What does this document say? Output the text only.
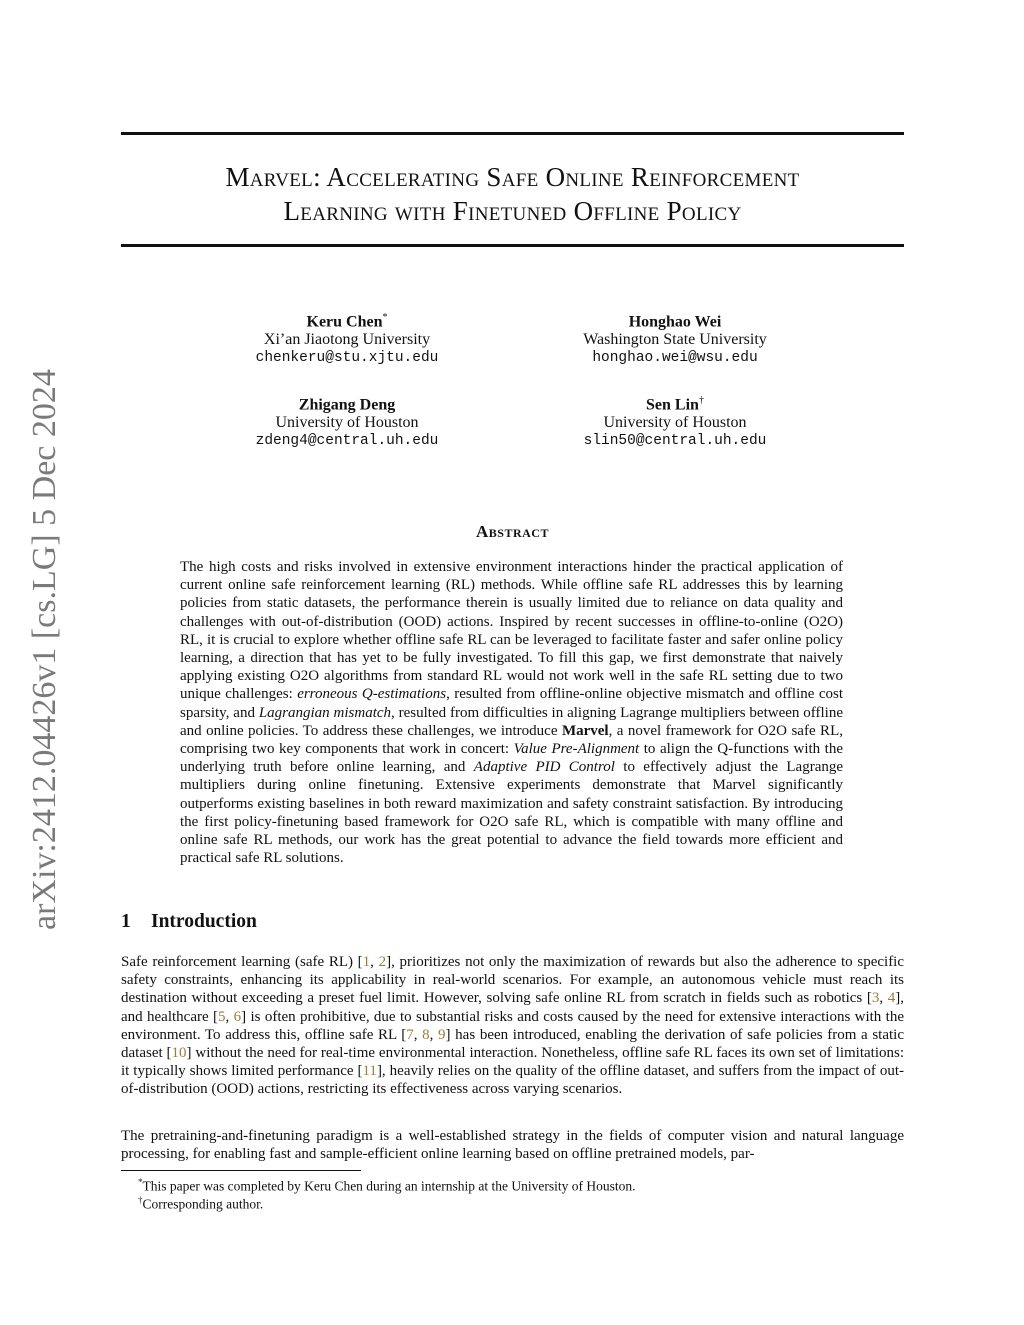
arXiv:2412.04426v1 [cs.LG] 5 Dec 2024
Marvel: Accelerating Safe Online Reinforcement
Learning with Finetuned Offline Policy
Keru Chen*
Xi’an Jiaotong University
chenkeru@stu.xjtu.edu
Honghao Wei
Washington State University
honghao.wei@wsu.edu
Zhigang Deng
University of Houston
zdeng4@central.uh.edu
Sen Lin†
University of Houston
slin50@central.uh.edu
Abstract
The high costs and risks involved in extensive environment interactions hinder the practical application of current online safe reinforcement learning (RL) methods. While offline safe RL addresses this by learning policies from static datasets, the performance therein is usually limited due to reliance on data quality and challenges with out-of-distribution (OOD) actions. Inspired by recent successes in offline-to-online (O2O) RL, it is crucial to explore whether offline safe RL can be leveraged to facilitate faster and safer online policy learning, a direction that has yet to be fully investigated. To fill this gap, we first demonstrate that naively applying existing O2O algorithms from standard RL would not work well in the safe RL setting due to two unique challenges: erroneous Q-estimations, resulted from offline-online objective mismatch and offline cost sparsity, and Lagrangian mismatch, resulted from difficulties in aligning Lagrange multipliers between offline and online policies. To address these challenges, we introduce Marvel, a novel framework for O2O safe RL, comprising two key components that work in concert: Value Pre-Alignment to align the Q-functions with the underlying truth before online learning, and Adaptive PID Control to effectively adjust the Lagrange multipliers during online finetuning. Extensive experiments demonstrate that Marvel significantly outperforms existing baselines in both reward maximization and safety constraint satisfaction. By introducing the first policy-finetuning based framework for O2O safe RL, which is compatible with many offline and online safe RL methods, our work has the great potential to advance the field towards more efficient and practical safe RL solutions.
1 Introduction
Safe reinforcement learning (safe RL) [1, 2], prioritizes not only the maximization of rewards but also the adherence to specific safety constraints, enhancing its applicability in real-world scenarios. For example, an autonomous vehicle must reach its destination without exceeding a preset fuel limit. However, solving safe online RL from scratch in fields such as robotics [3, 4], and healthcare [5, 6] is often prohibitive, due to substantial risks and costs caused by the need for extensive interactions with the environment. To address this, offline safe RL [7, 8, 9] has been introduced, enabling the derivation of safe policies from a static dataset [10] without the need for real-time environmental interaction. Nonetheless, offline safe RL faces its own set of limitations: it typically shows limited performance [11], heavily relies on the quality of the offline dataset, and suffers from the impact of out-of-distribution (OOD) actions, restricting its effectiveness across varying scenarios.
The pretraining-and-finetuning paradigm is a well-established strategy in the fields of computer vision and natural language processing, for enabling fast and sample-efficient online learning based on offline pretrained models, par-
*This paper was completed by Keru Chen during an internship at the University of Houston.
†Corresponding author.
